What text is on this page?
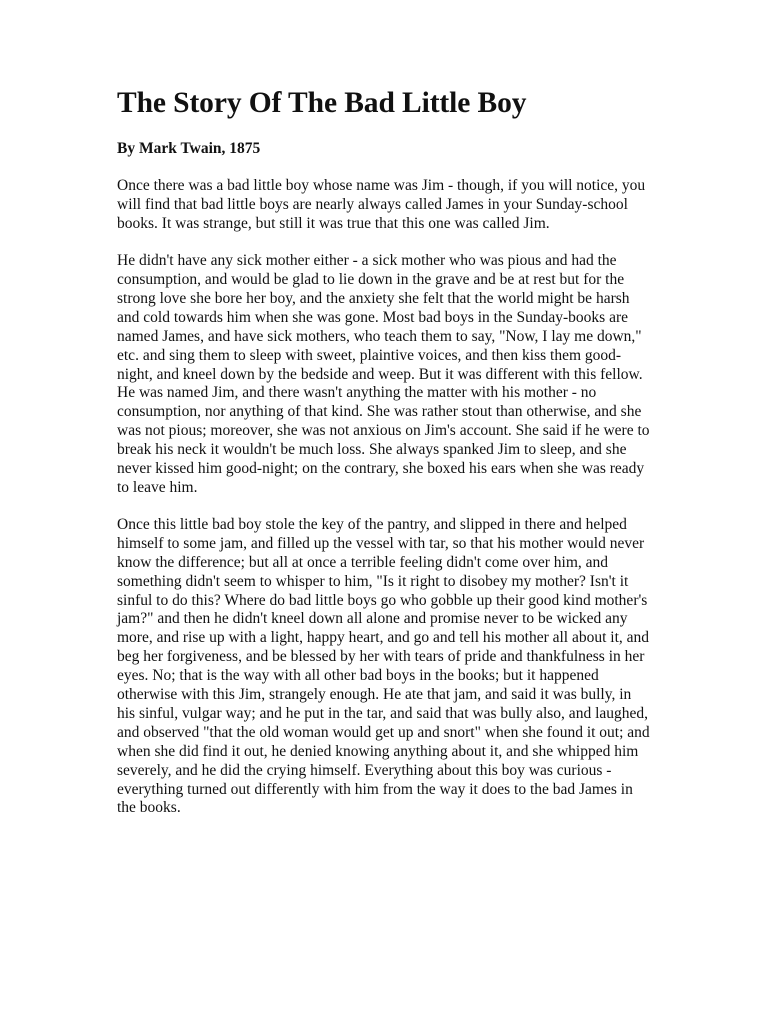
The Story Of The Bad Little Boy

By Mark Twain, 1875

Once there was a bad little boy whose name was Jim - though, if you will notice, you will find that bad little boys are nearly always called James in your Sunday-school books. It was strange, but still it was true that this one was called Jim.

He didn't have any sick mother either - a sick mother who was pious and had the consumption, and would be glad to lie down in the grave and be at rest but for the strong love she bore her boy, and the anxiety she felt that the world might be harsh and cold towards him when she was gone. Most bad boys in the Sunday-books are named James, and have sick mothers, who teach them to say, "Now, I lay me down," etc. and sing them to sleep with sweet, plaintive voices, and then kiss them good-night, and kneel down by the bedside and weep. But it was different with this fellow. He was named Jim, and there wasn't anything the matter with his mother - no consumption, nor anything of that kind. She was rather stout than otherwise, and she was not pious; moreover, she was not anxious on Jim's account. She said if he were to break his neck it wouldn't be much loss. She always spanked Jim to sleep, and she never kissed him good-night; on the contrary, she boxed his ears when she was ready to leave him.

Once this little bad boy stole the key of the pantry, and slipped in there and helped himself to some jam, and filled up the vessel with tar, so that his mother would never know the difference; but all at once a terrible feeling didn't come over him, and something didn't seem to whisper to him, "Is it right to disobey my mother? Isn't it sinful to do this? Where do bad little boys go who gobble up their good kind mother's jam?" and then he didn't kneel down all alone and promise never to be wicked any more, and rise up with a light, happy heart, and go and tell his mother all about it, and beg her forgiveness, and be blessed by her with tears of pride and thankfulness in her eyes. No; that is the way with all other bad boys in the books; but it happened otherwise with this Jim, strangely enough. He ate that jam, and said it was bully, in his sinful, vulgar way; and he put in the tar, and said that was bully also, and laughed, and observed "that the old woman would get up and snort" when she found it out; and when she did find it out, he denied knowing anything about it, and she whipped him severely, and he did the crying himself. Everything about this boy was curious - everything turned out differently with him from the way it does to the bad James in the books.
